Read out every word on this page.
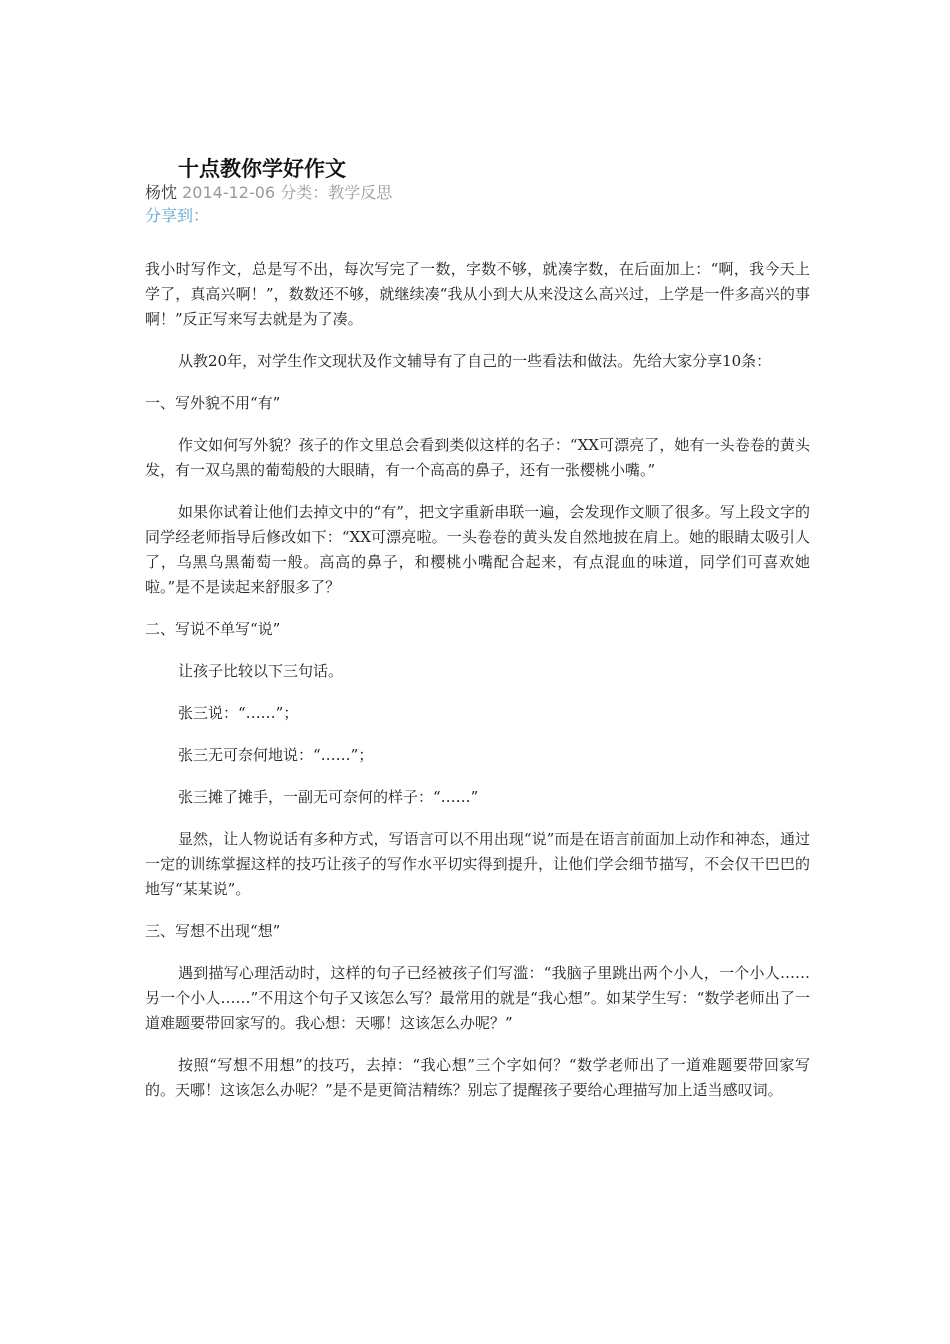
十点教你学好作文
杨忱 2014-12-06 分类：教学反思
分享到：

我小时写作文，总是写不出，每次写完了一数，字数不够，就凑字数，在后面加上：“啊，我今天上学了，真高兴啊！”，数数还不够，就继续凑“我从小到大从来没这么高兴过，上学是一件多高兴的事啊！”反正写来写去就是为了凑。

从教20年，对学生作文现状及作文辅导有了自己的一些看法和做法。先给大家分享10条：

一、写外貌不用“有”

作文如何写外貌？孩子的作文里总会看到类似这样的名子：“XX可漂亮了，她有一头卷卷的黄头发，有一双乌黑的葡萄般的大眼睛，有一个高高的鼻子，还有一张樱桃小嘴。”

如果你试着让他们去掉文中的“有”，把文字重新串联一遍，会发现作文顺了很多。写上段文字的同学经老师指导后修改如下：“XX可漂亮啦。一头卷卷的黄头发自然地披在肩上。她的眼睛太吸引人了，乌黑乌黑葡萄一般。高高的鼻子，和樱桃小嘴配合起来，有点混血的味道，同学们可喜欢她啦。”是不是读起来舒服多了？

二、写说不单写“说”

让孩子比较以下三句话。

张三说：“……”；

张三无可奈何地说：“……”；

张三摊了摊手，一副无可奈何的样子：“……”

显然，让人物说话有多种方式，写语言可以不用出现“说”而是在语言前面加上动作和神态，通过一定的训练掌握这样的技巧让孩子的写作水平切实得到提升，让他们学会细节描写，不会仅干巴巴的地写“某某说”。

三、写想不出现“想”

遇到描写心理活动时，这样的句子已经被孩子们写滥：“我脑子里跳出两个小人，一个小人……另一个小人……”不用这个句子又该怎么写？最常用的就是“我心想”。如某学生写：“数学老师出了一道难题要带回家写的。我心想：天哪！这该怎么办呢？”

按照“写想不用想”的技巧，去掉：“我心想”三个字如何？“数学老师出了一道难题要带回家写的。天哪！这该怎么办呢？”是不是更简洁精练？别忘了提醒孩子要给心理描写加上适当感叹词。
